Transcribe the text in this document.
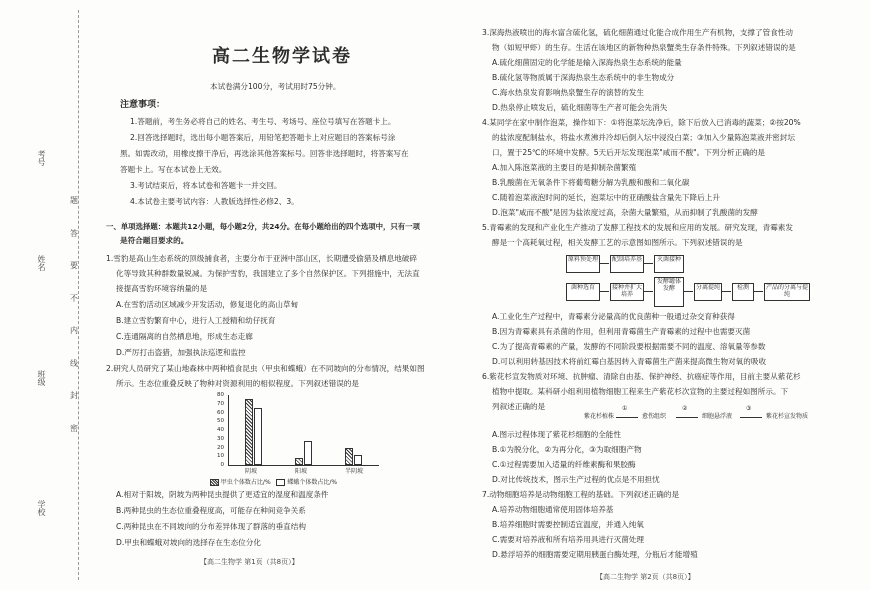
考号
姓名
班级
学校
题
答
要
不
内
线
封
密
高二生物学试卷
本试卷满分100分，考试用时75分钟。
注意事项：
1.答题前，考生务必将自己的姓名、考生号、考场号、座位号填写在答题卡上。
2.回答选择题时，选出每小题答案后，用铅笔把答题卡上对应题目的答案标号涂
黑。如需改动，用橡皮擦干净后，再选涂其他答案标号。回答非选择题时，将答案写在
答题卡上。写在本试卷上无效。
3.考试结束后，将本试卷和答题卡一并交回。
4.本试卷主要考试内容：人教版选择性必修2、3。
一、单项选择题：本题共12小题，每小题2分，共24分。在每小题给出的四个选项中，只有一项
是符合题目要求的。
1.雪豹是高山生态系统的顶级捕食者，主要分布于亚洲中部山区，长期遭受偷猎及栖息地破碎
化等导致其种群数量锐减。为保护雪豹，我国建立了多个自然保护区。下列措施中，无法直
接提高雪豹环境容纳量的是
A.在雪豹活动区域减少开发活动，修复退化的高山草甸
B.建立雪豹繁育中心，进行人工授精和幼仔抚育
C.连通隔离的自然栖息地，形成生态走廊
D.严厉打击盗猎，加强执法巡逻和监控
2.研究人员研究了某山地森林中两种植食昆虫（甲虫和蝶蛾）在不同坡向的分布情况，结果如图
所示。生态位重叠反映了物种对资源利用的相似程度。下列叙述错误的是
80
70
60
50
40
30
20
10
0
阴坡	阳坡	半阴坡
甲虫个体数占比/%	蝶蛾个体数占比/%
A.相对于阳坡，阴坡为两种昆虫提供了更适宜的湿度和温度条件
B.两种昆虫的生态位重叠程度高，可能存在种间竞争关系
C.两种昆虫在不同坡向的分布差异体现了群落的垂直结构
D.甲虫和蝶蛾对坡向的选择存在生态位分化
【高二生物学 第1页（共8页）】
3.深海热液喷出的海水富含硫化氢，硫化细菌通过化能合成作用生产有机物，支撑了管食性动
物（如短甲虾）的生存。生活在该地区的新物种热泉蟹类生存条件特殊。下列叙述错误的是
A.硫化细菌固定的化学能是输入深海热泉生态系统的能量
B.硫化氢等物质属于深海热泉生态系统中的非生物成分
C.海水热泉发育影响热泉蟹生存的演替的发生
D.热泉停止喷发后，硫化细菌等生产者可能会先消失
4.某同学在家中制作泡菜，操作如下：①将泡菜坛洗净后，除下后放入已消毒的蔬菜；②按20%
的盐浓度配制盐水，将盐水煮沸并冷却后倒入坛中浸没白菜；③加入少量陈泡菜液并密封坛
口，置于25℃的环境中发酵。5天后开坛发现泡菜"咸而不酸"。下列分析正确的是
A.加入陈泡菜液的主要目的是抑制杂菌繁殖
B.乳酸菌在无氧条件下将葡萄糖分解为乳酸和酸和二氧化碳
C.随着泡菜液泡时间的延长，泡菜坛中的亚硝酸盐含量先下降后上升
D.泡菜"咸而不酸"是因为盐浓度过高，杂菌大量繁殖，从而抑制了乳酸菌的发酵
5.青霉素的发现和产业化生产推动了发酵工程技术的发展和应用的发展。研究发现，青霉素发
酵是一个高耗氧过程，相关发酵工艺的示意图如图所示。下列叙述错误的是
原料预处理	配制培养基	灭菌接种
菌种选育	接种并扩大培养
发酵罐体发酵	分离提纯	检测	产品的分离与提纯
A.工业化生产过程中，青霉素分泌量高的优良菌种一般通过杂交育种获得
B.因为青霉素具有杀菌的作用，但利用青霉菌生产青霉素的过程中也需要灭菌
C.为了提高青霉素的产量，发酵的不同阶段要根据需要不同的温度、溶氧量等参数
D.可以利用转基因技术将前红霉白基因转入青霉菌生产菌来提高微生物对氧的吸收
6.紫花杉宣发物质对环境、抗肿瘤、清除自由基、保护神经、抗癌症等作用，目前主要从紫花杉
植物中提取。某科研小组利用植物细胞工程来生产紫花杉次宣物的主要过程如图所示。下
列叙述正确的是
紫花杉植株
①
愈伤组织
②
细胞悬浮液
③
紫花杉宣发物质
A.图示过程体现了紫花杉细胞的全能性
B.①为脱分化，②为再分化，③为取细胞产物
C.①过程需要加入适量的纤维素酶和果胶酶
D.对比传统技术，图示生产过程的优点是不用担忧
7.动物细胞培养是动物细胞工程的基础。下列叙述正确的是
A.培养动物细胞通常使用固体培养基
B.培养细胞时需要控制适宜温度，并通入纯氧
C.需要对培养液和所有培养用具进行灭菌处理
D.悬浮培养的细胞需要定期用胰蛋白酶处理，分瓶后才能增殖
【高二生物学 第2页（共8页）】
